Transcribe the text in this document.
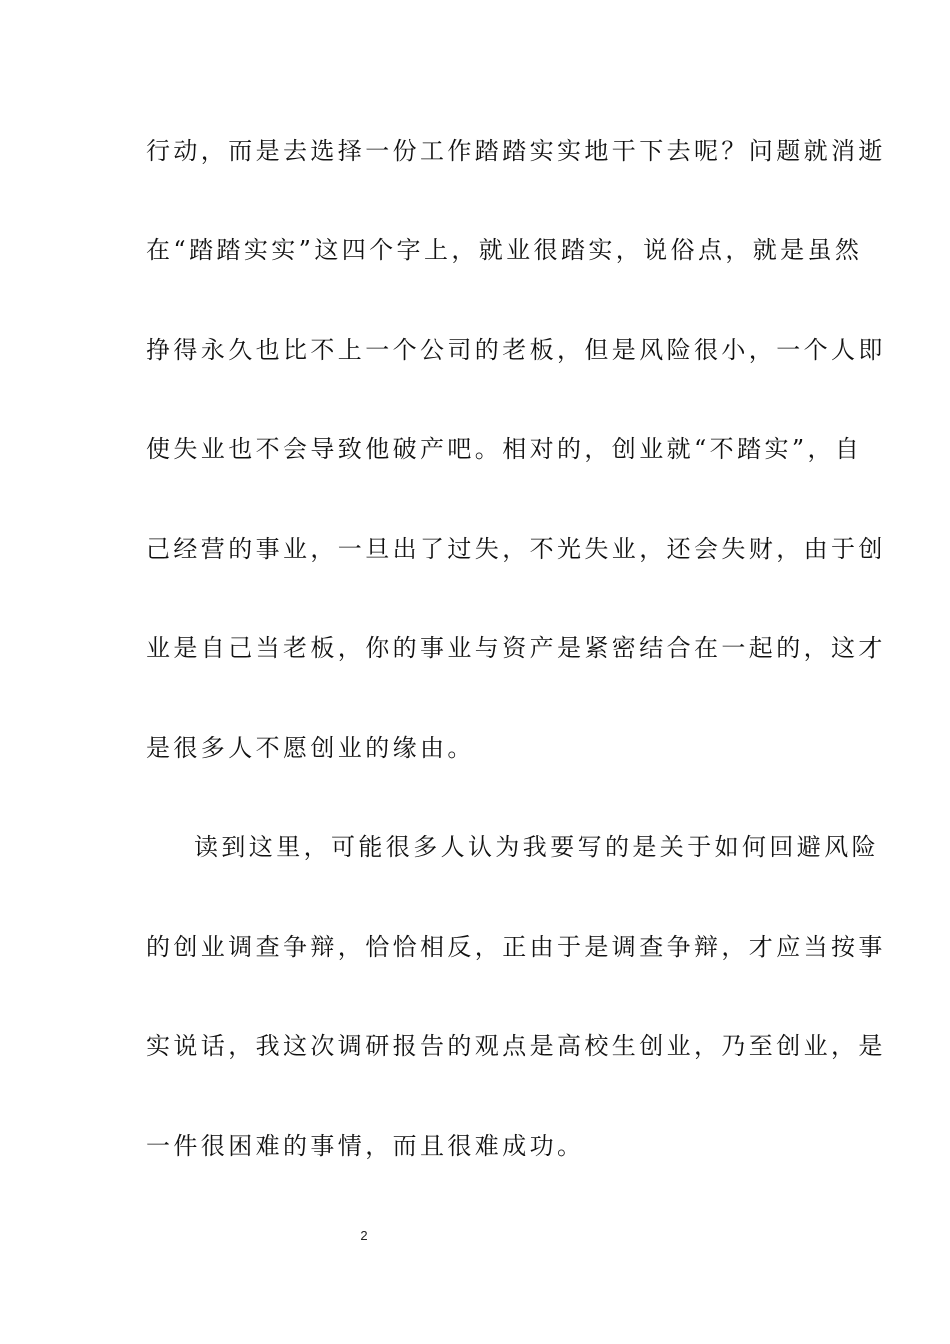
行动，而是去选择一份工作踏踏实实地干下去呢？问题就消逝
在“踏踏实实”这四个字上，就业很踏实，说俗点，就是虽然
挣得永久也比不上一个公司的老板，但是风险很小，一个人即
使失业也不会导致他破产吧。相对的，创业就“不踏实”，自
己经营的事业，一旦出了过失，不光失业，还会失财，由于创
业是自己当老板，你的事业与资产是紧密结合在一起的，这才
是很多人不愿创业的缘由。
读到这里，可能很多人认为我要写的是关于如何回避风险
的创业调查争辩，恰恰相反，正由于是调查争辩，才应当按事
实说话，我这次调研报告的观点是高校生创业，乃至创业，是
一件很困难的事情，而且很难成功。
2
